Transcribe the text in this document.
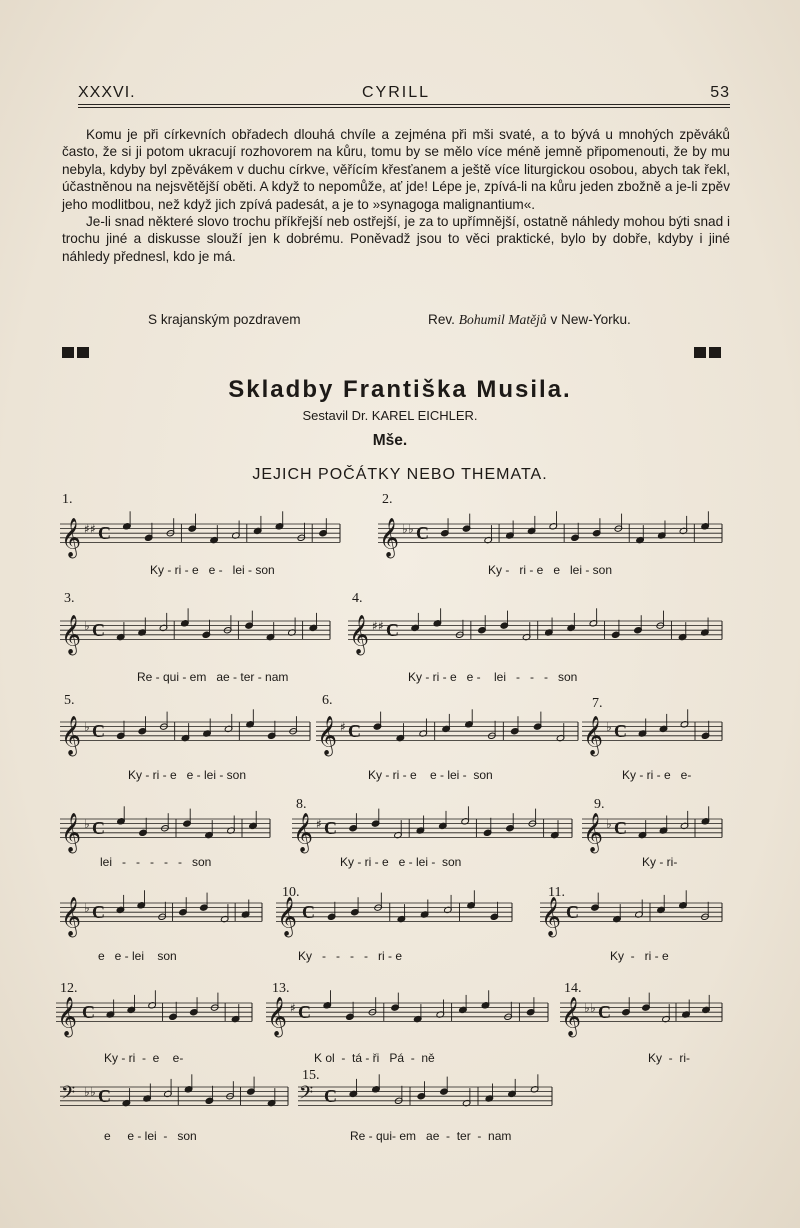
XXXVI.	CYRILL	53

Komu je při církevních obřadech dlouhá chvíle a zejména při mši svaté, a to bývá u mnohých zpěváků často, že si ji potom ukracují rozhovorem na kůru, tomu by se mělo více méně jemně připomenouti, že by mu nebyla, kdyby byl zpěvákem v duchu církve, věřícím křesťanem a ještě více liturgickou osobou, abych tak řekl, účastněnou na nejsvětější oběti. A když to nepomůže, ať jde! Lépe je, zpívá-li na kůru jeden zbožně a je-li zpěv jeho modlitbou, než když jich zpívá padesát, a je to »synagoga malignantium«.

Je-li snad některé slovo trochu příkřejší neb ostřejší, je za to upřímnější, ostatně náhledy mohou býti snad i trochu jiné a diskusse slouží jen k dobrému. Poněvadž jsou to věci praktické, bylo by dobře, kdyby i jiné náhledy přednesl, kdo je má.

S krajanským pozdravem	Rev. Bohumil Matějů v New-Yorku.
Skladby Františka Musila.
Sestavil Dr. KAREL EICHLER.
Mše.
JEJICH POČÁTKY NEBO THEMATA.
𝄞 ♯ ♯ C
1.
Ky - ri - e   e -   lei - son
𝄞 ♭ ♭ C
2.
Ky -   ri - e   e   lei - son
𝄞 ♭ C
3.
Re - qui - em   ae - ter - nam
𝄞 ♯ ♯ C
4.
Ky - ri - e   e -    lei   -   -   -   son
𝄞 ♭ C
5.
Ky - ri - e   e - lei - son
𝄞 ♯ C
6.
Ky - ri - e    e - lei -  son
𝄞 ♭ C
7.
Ky - ri - e   e-
𝄞 ♭ C
lei   -   -   -   -   -   son
𝄞 ♯ C
8.
Ky - ri - e   e - lei -  son
𝄞 ♭ C
9.
Ky - ri-
𝄞 ♭ C
e   e - lei    son
𝄞 C
10.
Ky   -   -   -   -   ri - e
𝄞 C
11.
Ky  -   ri - e
𝄞 C
12.
Ky - ri  -  e    e-
𝄞 ♯ C
13.
K ol  -  tá - ři   Pá  -  ně
𝄞 ♭ ♭ C
14.
Ky  -  ri-
𝄢 ♭ ♭ C
e     e - lei  -   son
𝄢 C
15.
Re - qui- em   ae  -  ter  -  nam
